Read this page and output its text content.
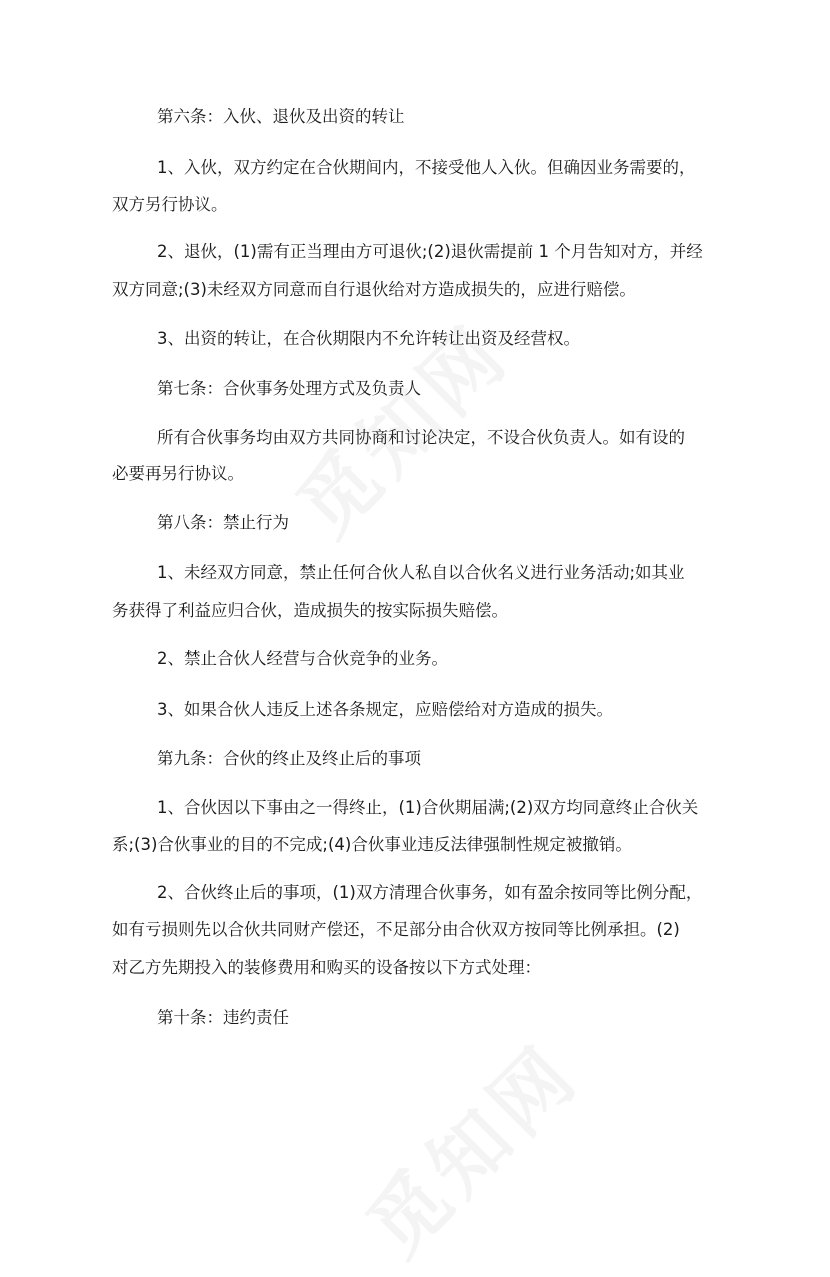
第六条：入伙、退伙及出资的转让

1、入伙，双方约定在合伙期间内，不接受他人入伙。但确因业务需要的，

双方另行协议。

2、退伙，(1)需有正当理由方可退伙;(2)退伙需提前 1 个月告知对方，并经

双方同意;(3)未经双方同意而自行退伙给对方造成损失的，应进行赔偿。

3、出资的转让，在合伙期限内不允许转让出资及经营权。

第七条：合伙事务处理方式及负责人

所有合伙事务均由双方共同协商和讨论决定，不设合伙负责人。如有设的

必要再另行协议。

第八条：禁止行为

1、未经双方同意，禁止任何合伙人私自以合伙名义进行业务活动;如其业

务获得了利益应归合伙，造成损失的按实际损失赔偿。

2、禁止合伙人经营与合伙竞争的业务。

3、如果合伙人违反上述各条规定，应赔偿给对方造成的损失。

第九条：合伙的终止及终止后的事项

1、合伙因以下事由之一得终止，(1)合伙期届满;(2)双方均同意终止合伙关

系;(3)合伙事业的目的不完成;(4)合伙事业违反法律强制性规定被撤销。

2、合伙终止后的事项，(1)双方清理合伙事务，如有盈余按同等比例分配，

如有亏损则先以合伙共同财产偿还，不足部分由合伙双方按同等比例承担。(2)

对乙方先期投入的装修费用和购买的设备按以下方式处理：

第十条：违约责任
